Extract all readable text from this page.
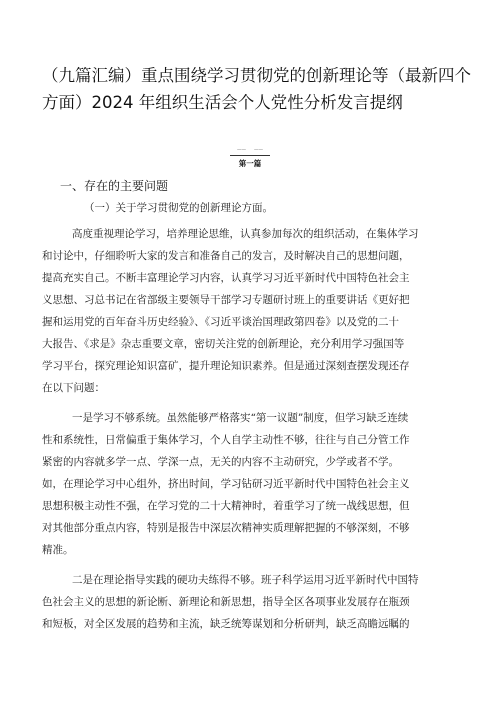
（九篇汇编）重点围绕学习贯彻党的创新理论等（最新四个
方面）2024 年组织生活会个人党性分析发言提纲
—— ——
第一篇
一、存在的主要问题
（一）关于学习贯彻党的创新理论方面。
高度重视理论学习，培养理论思维，认真参加每次的组织活动，在集体学习
和讨论中，仔细聆听大家的发言和准备自己的发言，及时解决自己的思想问题，
提高充实自己。不断丰富理论学习内容，认真学习习近平新时代中国特色社会主
义思想、习总书记在省部级主要领导干部学习专题研讨班上的重要讲话《更好把
握和运用党的百年奋斗历史经验》、《习近平谈治国理政第四卷》以及党的二十
大报告、《求是》杂志重要文章，密切关注党的创新理论，充分利用学习强国等
学习平台，探究理论知识富矿，提升理论知识素养。但是通过深刻查摆发现还存
在以下问题：
一是学习不够系统。虽然能够严格落实“第一议题”制度，但学习缺乏连续
性和系统性，日常偏重于集体学习，个人自学主动性不够，往往与自己分管工作
紧密的内容就多学一点、学深一点，无关的内容不主动研究，少学或者不学。
如，在理论学习中心组外，挤出时间，学习钻研习近平新时代中国特色社会主义
思想积极主动性不强，在学习党的二十大精神时，着重学习了统一战线思想，但
对其他部分重点内容，特别是报告中深层次精神实质理解把握的不够深刻，不够
精准。
二是在理论指导实践的硬功夫练得不够。班子科学运用习近平新时代中国特
色社会主义的思想的新论断、新理论和新思想，指导全区各项事业发展存在瓶颈
和短板，对全区发展的趋势和主流，缺乏统筹谋划和分析研判，缺乏高瞻远瞩的
